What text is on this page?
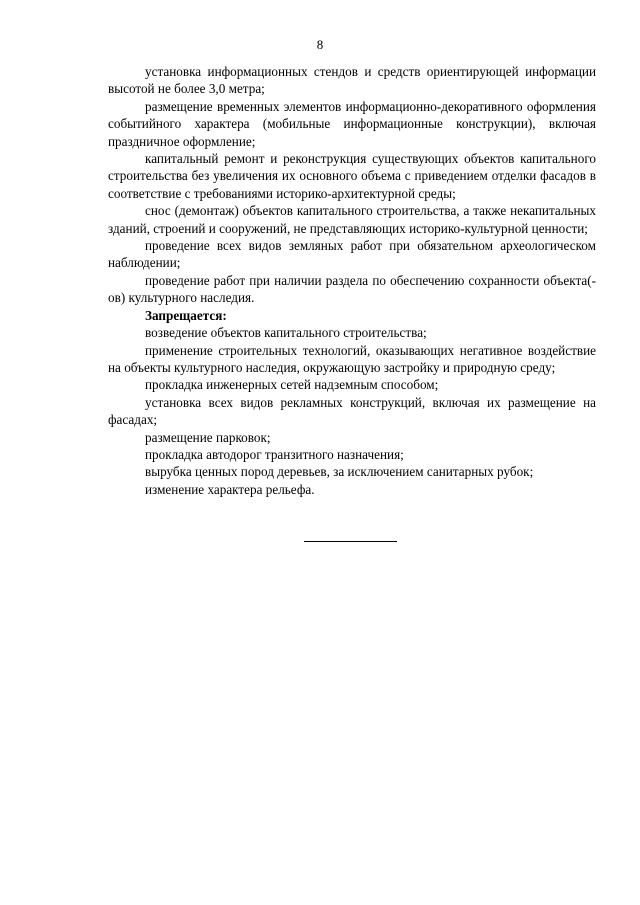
8

установка информационных стендов и средств ориентирующей информации высотой не более 3,0 метра;

размещение временных элементов информационно-декоративного оформления событийного характера (мобильные информационные конструкции), включая праздничное оформление;

капитальный ремонт и реконструкция существующих объектов капитального строительства без увеличения их основного объема с приведением отделки фасадов в соответствие с требованиями историко-архитектурной среды;

снос (демонтаж) объектов капитального строительства, а также некапитальных зданий, строений и сооружений, не представляющих историко-культурной ценности;

проведение всех видов земляных работ при обязательном археологическом наблюдении;

проведение работ при наличии раздела по обеспечению сохранности объекта(-ов) культурного наследия.

Запрещается:

возведение объектов капитального строительства;

применение строительных технологий, оказывающих негативное воздействие на объекты культурного наследия, окружающую застройку и природную среду;

прокладка инженерных сетей надземным способом;

установка всех видов рекламных конструкций, включая их размещение на фасадах;

размещение парковок;

прокладка автодорог транзитного назначения;

вырубка ценных пород деревьев, за исключением санитарных рубок;

изменение характера рельефа.
